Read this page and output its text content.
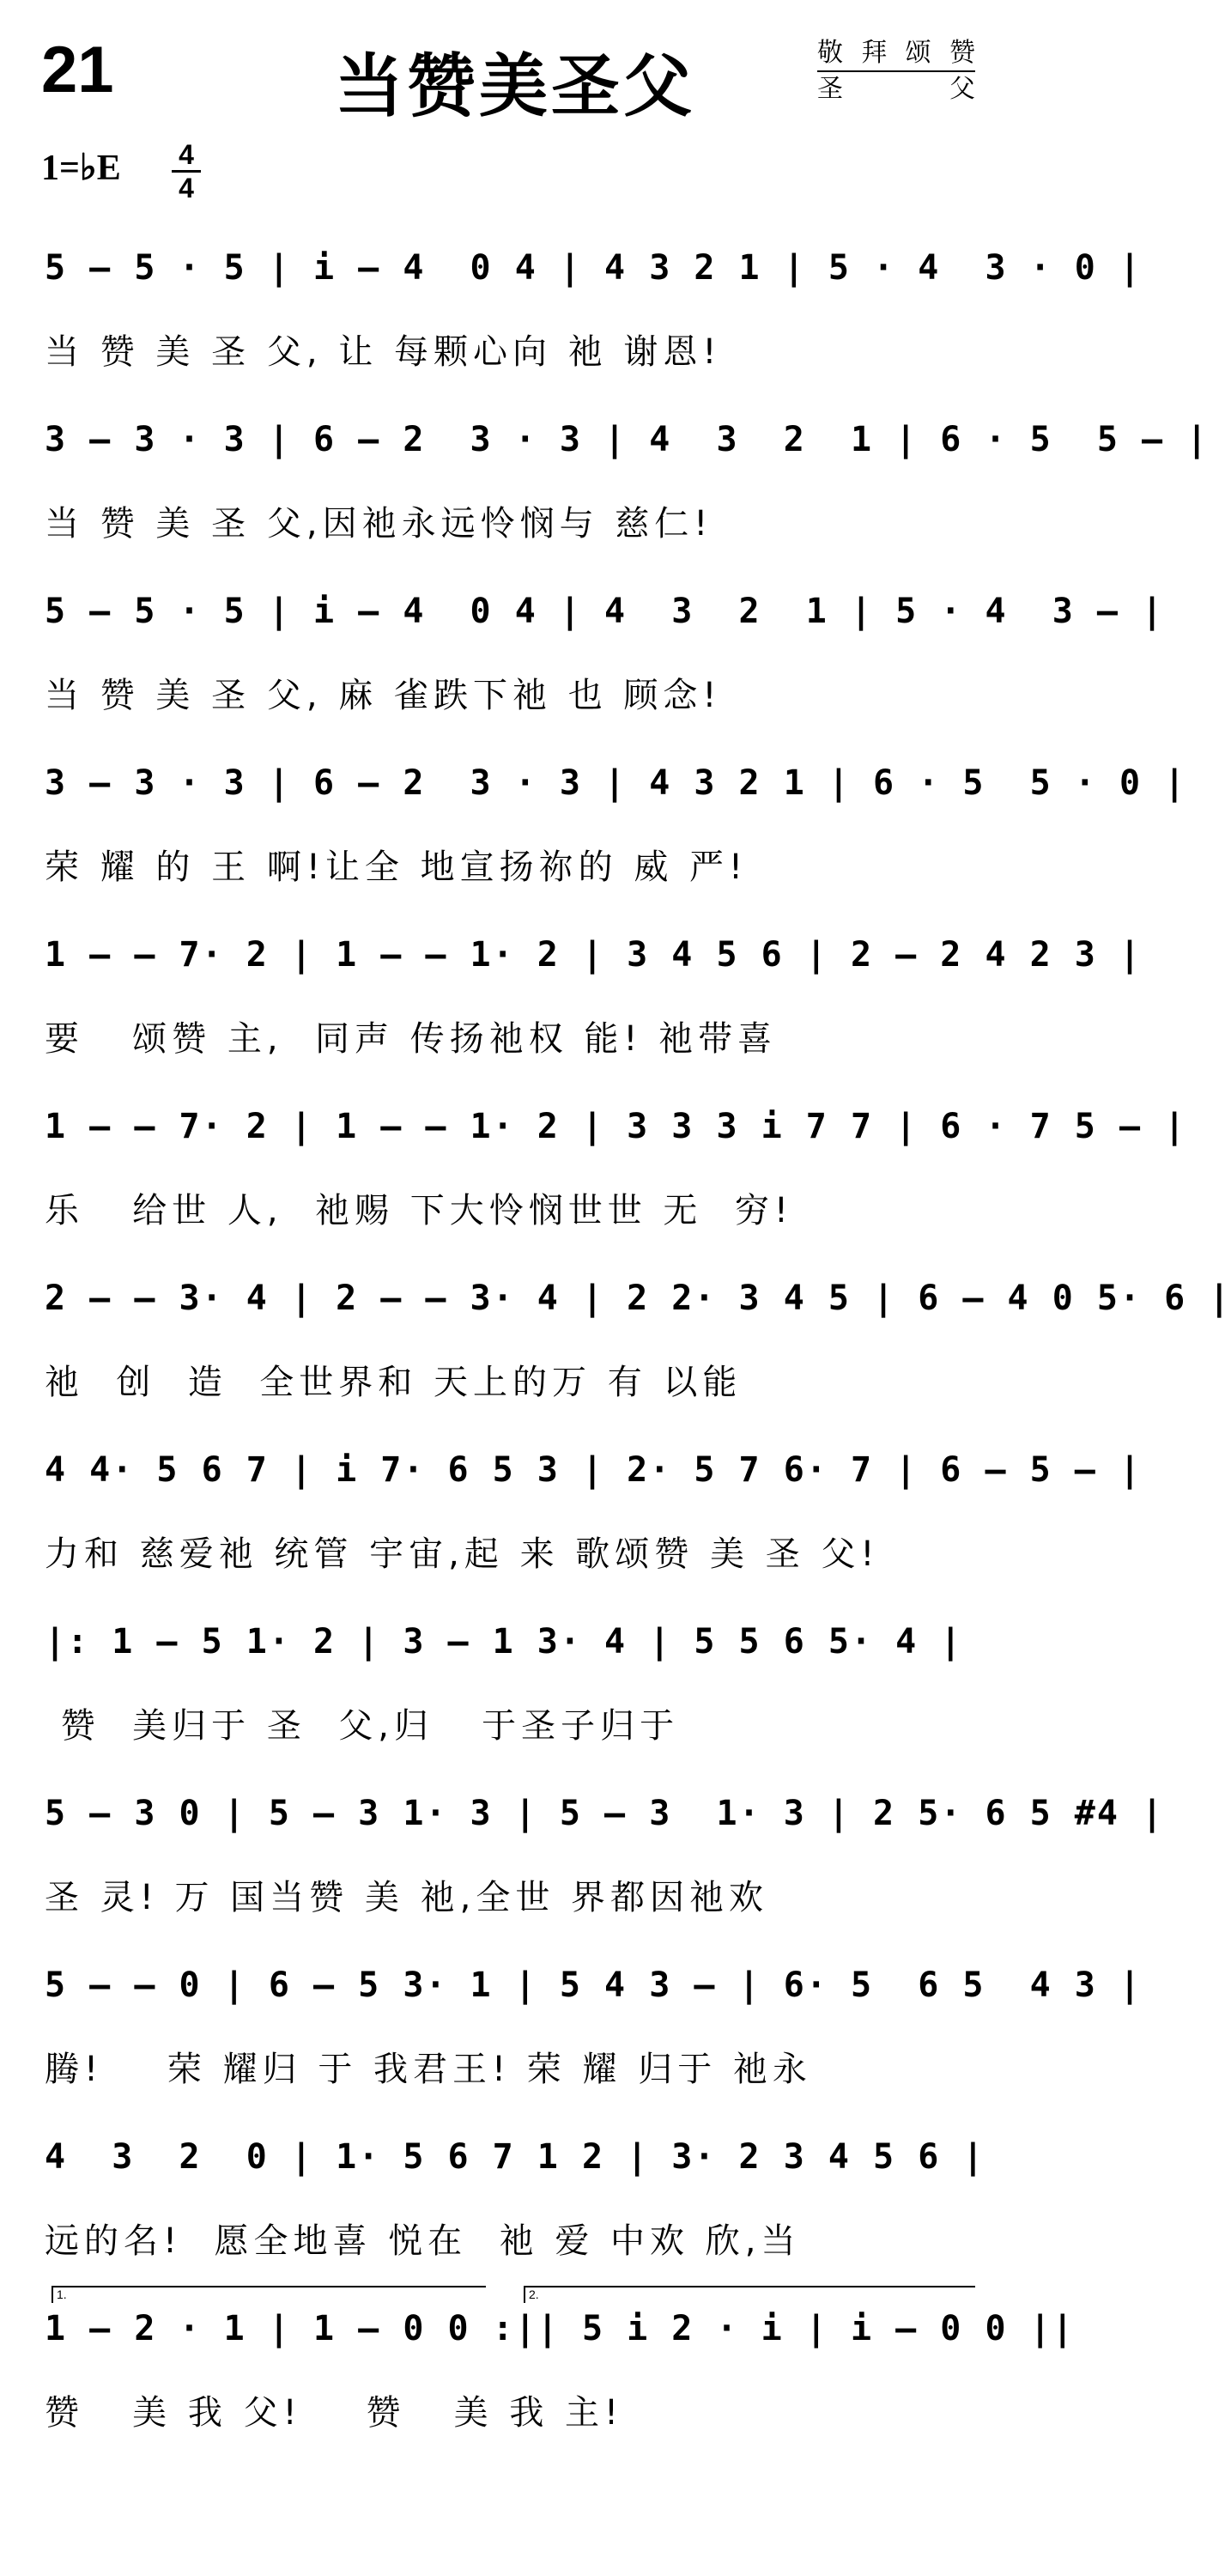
21	当赞美圣父	敬拜颂赞
圣	父
1=♭E 4
4
5 – 5 · 5 | i – 4  0 4 | 4 3 2 1 | 5 · 4  3 · 0 |
当 赞 美 圣 父, 让 每颗心向 祂 谢恩!
3 – 3 · 3 | 6 – 2  3 · 3 | 4  3  2  1 | 6 · 5  5 – |
当 赞 美 圣 父,因祂永远怜悯与 慈仁!
5 – 5 · 5 | i – 4  0 4 | 4  3  2  1 | 5 · 4  3 – |
当 赞 美 圣 父, 麻 雀跌下祂 也 顾念!
3 – 3 · 3 | 6 – 2  3 · 3 | 4 3 2 1 | 6 · 5  5 · 0 |
荣 耀 的 王 啊!让全 地宣扬祢的 威 严!
1 – – 7· 2 | 1 – – 1· 2 | 3 4 5 6 | 2 – 2 4 2 3 |
要   颂赞 主,  同声 传扬祂权 能! 祂带喜
1 – – 7· 2 | 1 – – 1· 2 | 3 3 3 i 7 7 | 6 · 7 5 – |
乐   给世 人,  祂赐 下大怜悯世世 无  穷!
2 – – 3· 4 | 2 – – 3· 4 | 2 2· 3 4 5 | 6 – 4 0 5· 6 |
祂  创  造  全世界和 天上的万 有 以能
4 4· 5 6 7 | i 7· 6 5 3 | 2· 5 7 6· 7 | 6 – 5 – |
力和 慈爱祂 统管 宇宙,起 来 歌颂赞 美 圣 父!
|: 1 – 5 1· 2 | 3 – 1 3· 4 | 5 5 6 5· 4 |
赞  美归于 圣  父,归   于圣子归于
5 – 3 0 | 5 – 3 1· 3 | 5 – 3  1· 3 | 2 5· 6 5 #4 |
圣 灵! 万 国当赞 美 祂,全世 界都因祂欢
5 – – 0 | 6 – 5 3· 1 | 5 4 3 – | 6· 5  6 5  4 3 |
腾!    荣 耀归 于 我君王! 荣 耀 归于 祂永
4  3  2  0 | 1· 5 6 7 1 2 | 3· 2 3 4 5 6 |
远的名!  愿全地喜 悦在  祂 爱 中欢 欣,当
1.	2.
1 – 2 · 1 | 1 – 0 0 :|| 5 i 2 · i | i – 0 0 ||
赞   美 我 父!    赞   美 我 主!
